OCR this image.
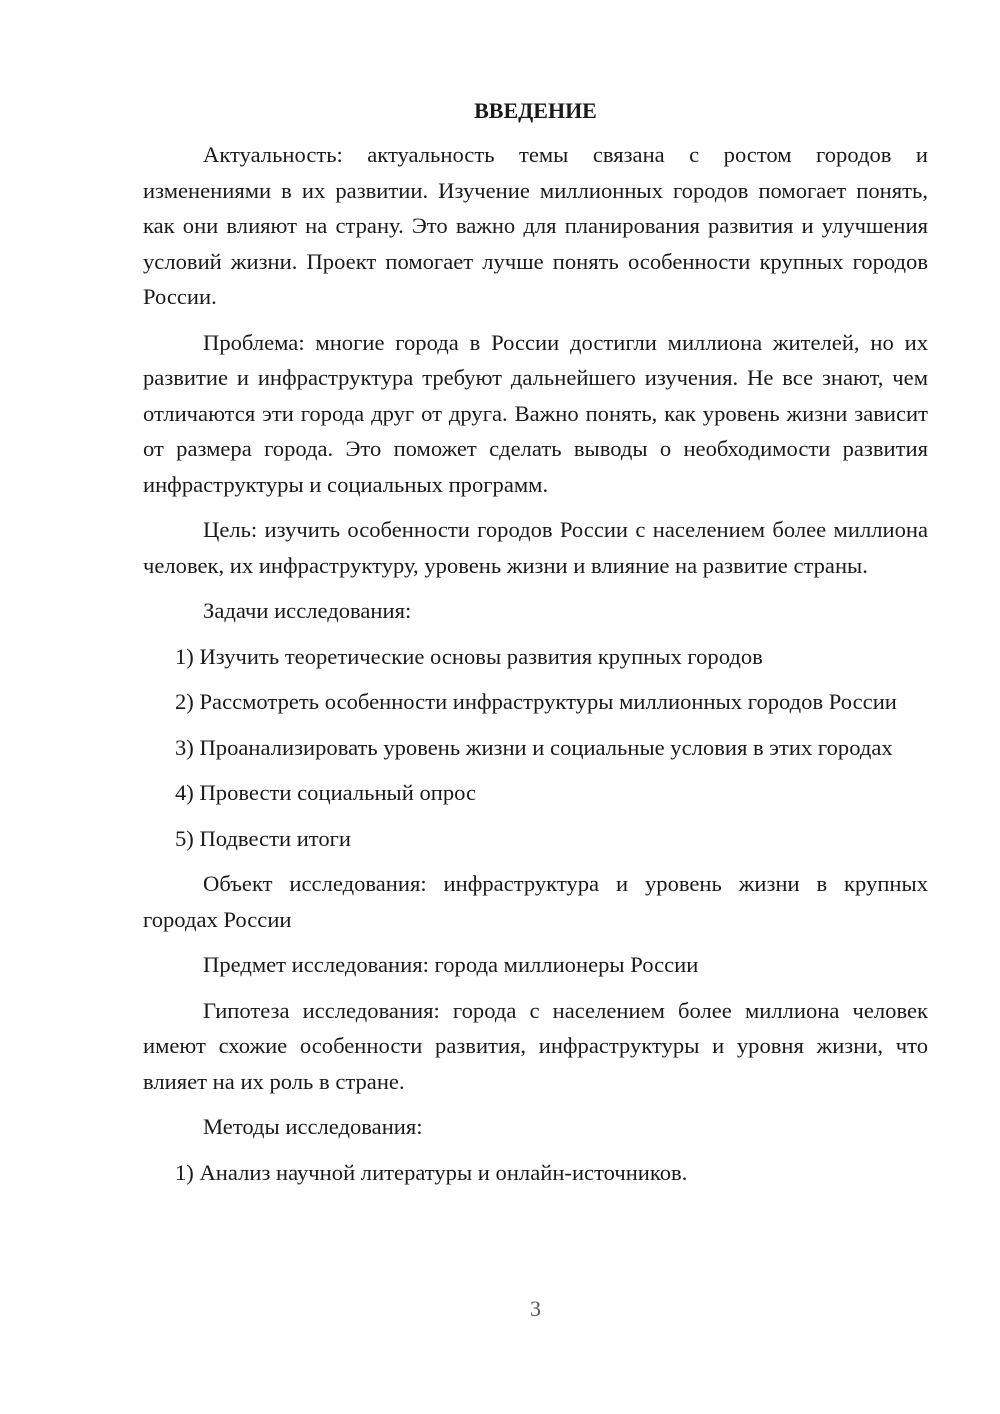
ВВЕДЕНИЕ

Актуальность: актуальность темы связана с ростом городов и изменениями в их развитии. Изучение миллионных городов помогает понять, как они влияют на страну. Это важно для планирования развития и улучшения условий жизни. Проект помогает лучше понять особенности крупных городов России.

Проблема: многие города в России достигли миллиона жителей, но их развитие и инфраструктура требуют дальнейшего изучения. Не все знают, чем отличаются эти города друг от друга. Важно понять, как уровень жизни зависит от размера города. Это поможет сделать выводы о необходимости развития инфраструктуры и социальных программ.

Цель: изучить особенности городов России с населением более миллиона человек, их инфраструктуру, уровень жизни и влияние на развитие страны.

Задачи исследования:

1) Изучить теоретические основы развития крупных городов

2) Рассмотреть особенности инфраструктуры миллионных городов России

3) Проанализировать уровень жизни и социальные условия в этих городах

4) Провести социальный опрос

5) Подвести итоги

Объект исследования: инфраструктура и уровень жизни в крупных городах России

Предмет исследования: города миллионеры России

Гипотеза исследования: города с населением более миллиона человек имеют схожие особенности развития, инфраструктуры и уровня жизни, что влияет на их роль в стране.

Методы исследования:

1) Анализ научной литературы и онлайн-источников.

3
